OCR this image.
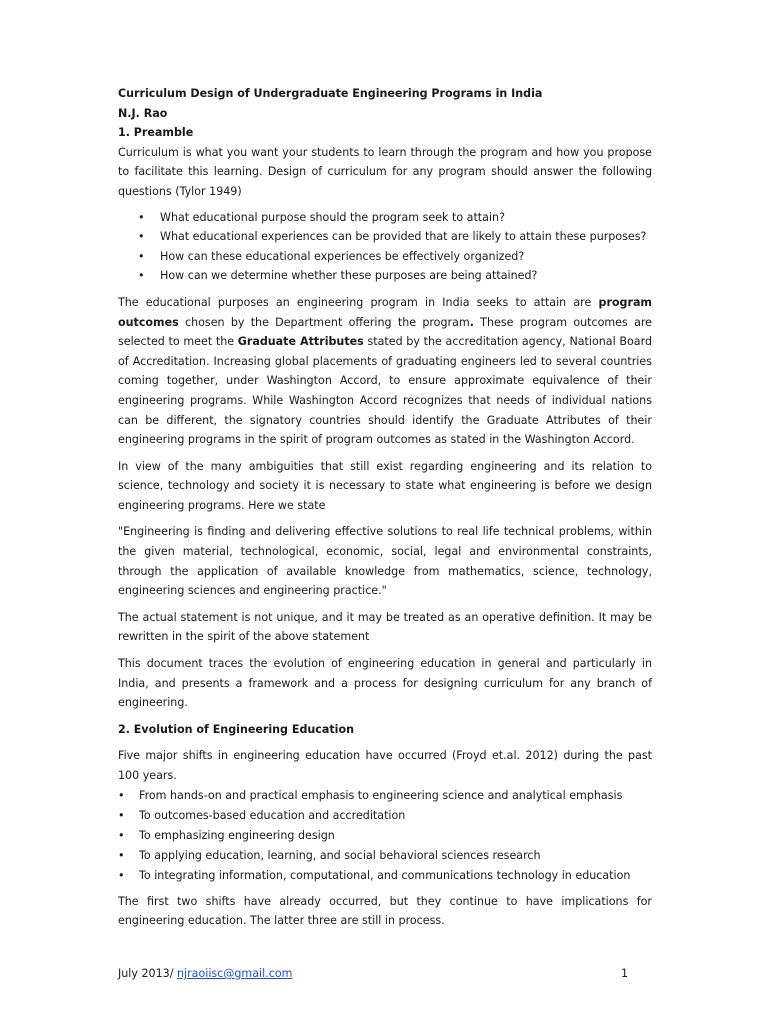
Curriculum Design of Undergraduate Engineering Programs in India
N.J. Rao
1. Preamble

Curriculum is what you want your students to learn through the program and how you propose to facilitate this learning. Design of curriculum for any program should answer the following questions (Tylor 1949)

• What educational purpose should the program seek to attain?
• What educational experiences can be provided that are likely to attain these purposes?
• How can these educational experiences be effectively organized?
• How can we determine whether these purposes are being attained?

The educational purposes an engineering program in India seeks to attain are program outcomes chosen by the Department offering the program. These program outcomes are selected to meet the Graduate Attributes stated by the accreditation agency, National Board of Accreditation. Increasing global placements of graduating engineers led to several countries coming together, under Washington Accord, to ensure approximate equivalence of their engineering programs. While Washington Accord recognizes that needs of individual nations can be different, the signatory countries should identify the Graduate Attributes of their engineering programs in the spirit of program outcomes as stated in the Washington Accord.

In view of the many ambiguities that still exist regarding engineering and its relation to science, technology and society it is necessary to state what engineering is before we design engineering programs. Here we state

"Engineering is finding and delivering effective solutions to real life technical problems, within the given material, technological, economic, social, legal and environmental constraints, through the application of available knowledge from mathematics, science, technology, engineering sciences and engineering practice."

The actual statement is not unique, and it may be treated as an operative definition. It may be rewritten in the spirit of the above statement

This document traces the evolution of engineering education in general and particularly in India, and presents a framework and a process for designing curriculum for any branch of engineering.

2. Evolution of Engineering Education

Five major shifts in engineering education have occurred (Froyd et.al. 2012) during the past 100 years.

• From hands-on and practical emphasis to engineering science and analytical emphasis
• To outcomes-based education and accreditation
• To emphasizing engineering design
• To applying education, learning, and social behavioral sciences research
• To integrating information, computational, and communications technology in education

The first two shifts have already occurred, but they continue to have implications for engineering education. The latter three are still in process.

July 2013/ njraoiisc@gmail.com	1
